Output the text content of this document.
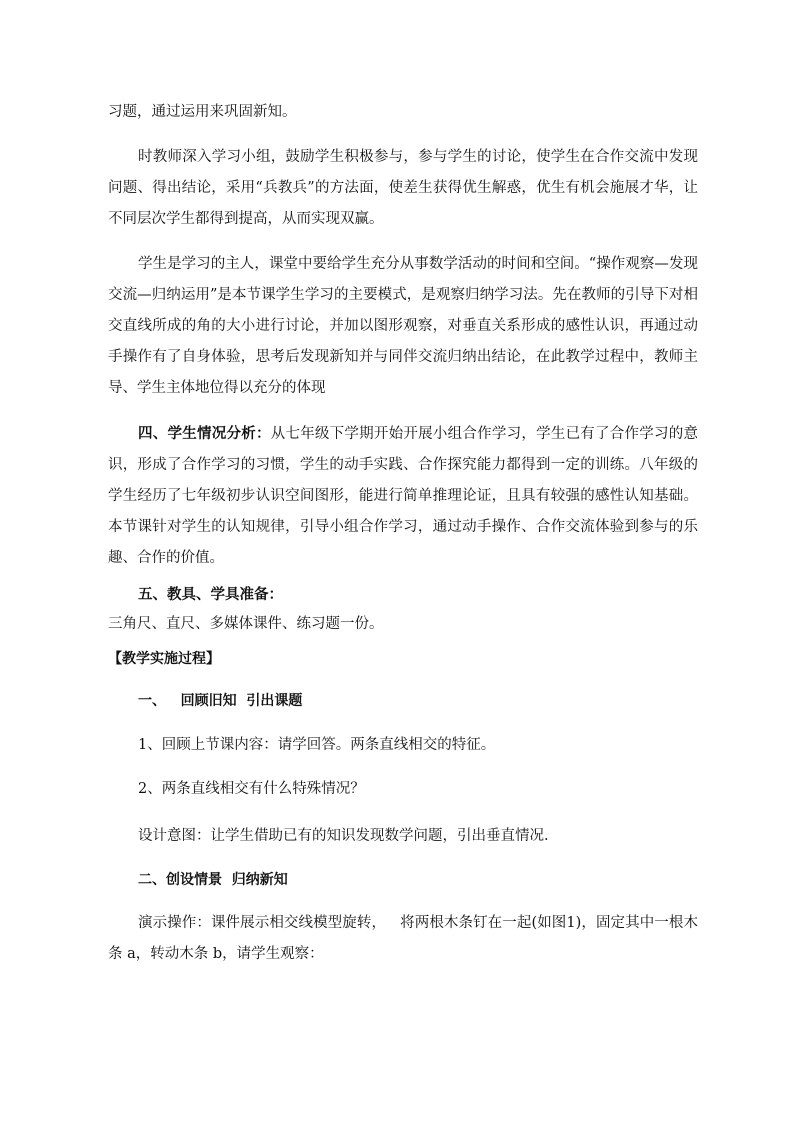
习题，通过运用来巩固新知。

时教师深入学习小组，鼓励学生积极参与，参与学生的讨论，使学生在合作交流中发现问题、得出结论，采用“兵教兵”的方法面，使差生获得优生解惑，优生有机会施展才华，让不同层次学生都得到提高，从而实现双赢。

学生是学习的主人，课堂中要给学生充分从事数学活动的时间和空间。“操作观察—发现交流—归纳运用”是本节课学生学习的主要模式，是观察归纳学习法。先在教师的引导下对相交直线所成的角的大小进行讨论，并加以图形观察，对垂直关系形成的感性认识，再通过动手操作有了自身体验，思考后发现新知并与同伴交流归纳出结论，在此教学过程中，教师主导、学生主体地位得以充分的体现

四、学生情况分析：从七年级下学期开始开展小组合作学习，学生已有了合作学习的意识，形成了合作学习的习惯，学生的动手实践、合作探究能力都得到一定的训练。八年级的学生经历了七年级初步认识空间图形，能进行简单推理论证，且具有较强的感性认知基础。本节课针对学生的认知规律，引导小组合作学习，通过动手操作、合作交流体验到参与的乐趣、合作的价值。

五、教具、学具准备：

三角尺、直尺、多媒体课件、练习题一份。

【教学实施过程】

一、   回顾旧知  引出课题

1、回顾上节课内容：请学回答。两条直线相交的特征。

2、两条直线相交有什么特殊情况？

设计意图：让学生借助已有的知识发现数学问题，引出垂直情况.

二、创设情景  归纳新知

演示操作：课件展示相交线模型旋转，   将两根木条钉在一起(如图1)，固定其中一根木条 a，转动木条 b，请学生观察：
